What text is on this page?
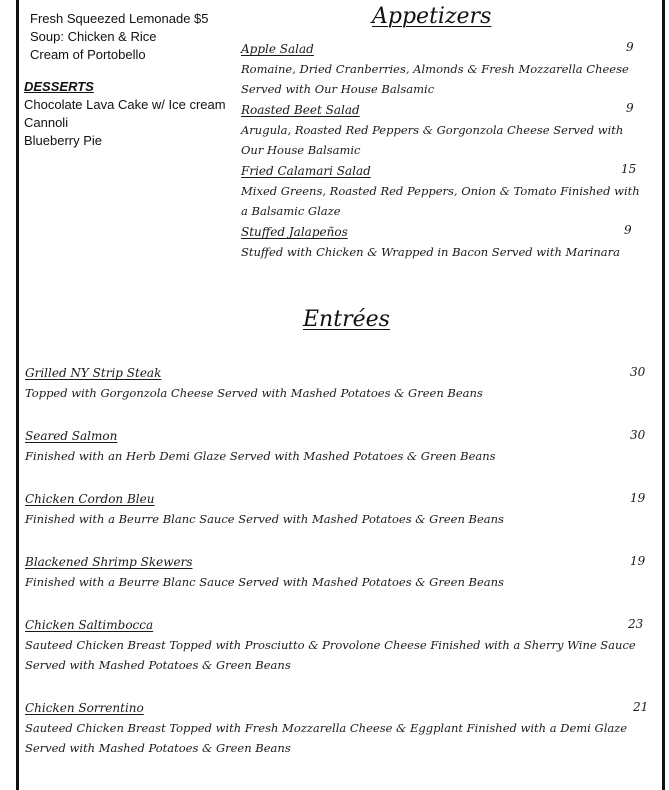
Fresh Squeezed Lemonade $5
Soup: Chicken & Rice
Cream of Portobello
DESSERTS
Chocolate Lava Cake w/ Ice cream
Cannoli
Blueberry Pie
Appetizers
Apple Salad	9
Romaine, Dried Cranberries, Almonds & Fresh Mozzarella Cheese Served with Our House Balsamic
Roasted Beet Salad	9
Arugula, Roasted Red Peppers & Gorgonzola Cheese Served with Our House Balsamic
Fried Calamari Salad	15
Mixed Greens, Roasted Red Peppers, Onion & Tomato Finished with a Balsamic Glaze
Stuffed Jalapeños	9
Stuffed with Chicken & Wrapped in Bacon Served with Marinara
Entrées
Grilled NY Strip Steak	30
Topped with Gorgonzola Cheese Served with Mashed Potatoes & Green Beans
Seared Salmon	30
Finished with an Herb Demi Glaze Served with Mashed Potatoes & Green Beans
Chicken Cordon Bleu	19
Finished with a Beurre Blanc Sauce Served with Mashed Potatoes & Green Beans
Blackened Shrimp Skewers	19
Finished with a Beurre Blanc Sauce Served with Mashed Potatoes & Green Beans
Chicken Saltimbocca	23
Sauteed Chicken Breast Topped with Prosciutto & Provolone Cheese Finished with a Sherry Wine Sauce Served with Mashed Potatoes & Green Beans
Chicken Sorrentino	21
Sauteed Chicken Breast Topped with Fresh Mozzarella Cheese & Eggplant Finished with a Demi Glaze Served with Mashed Potatoes & Green Beans
